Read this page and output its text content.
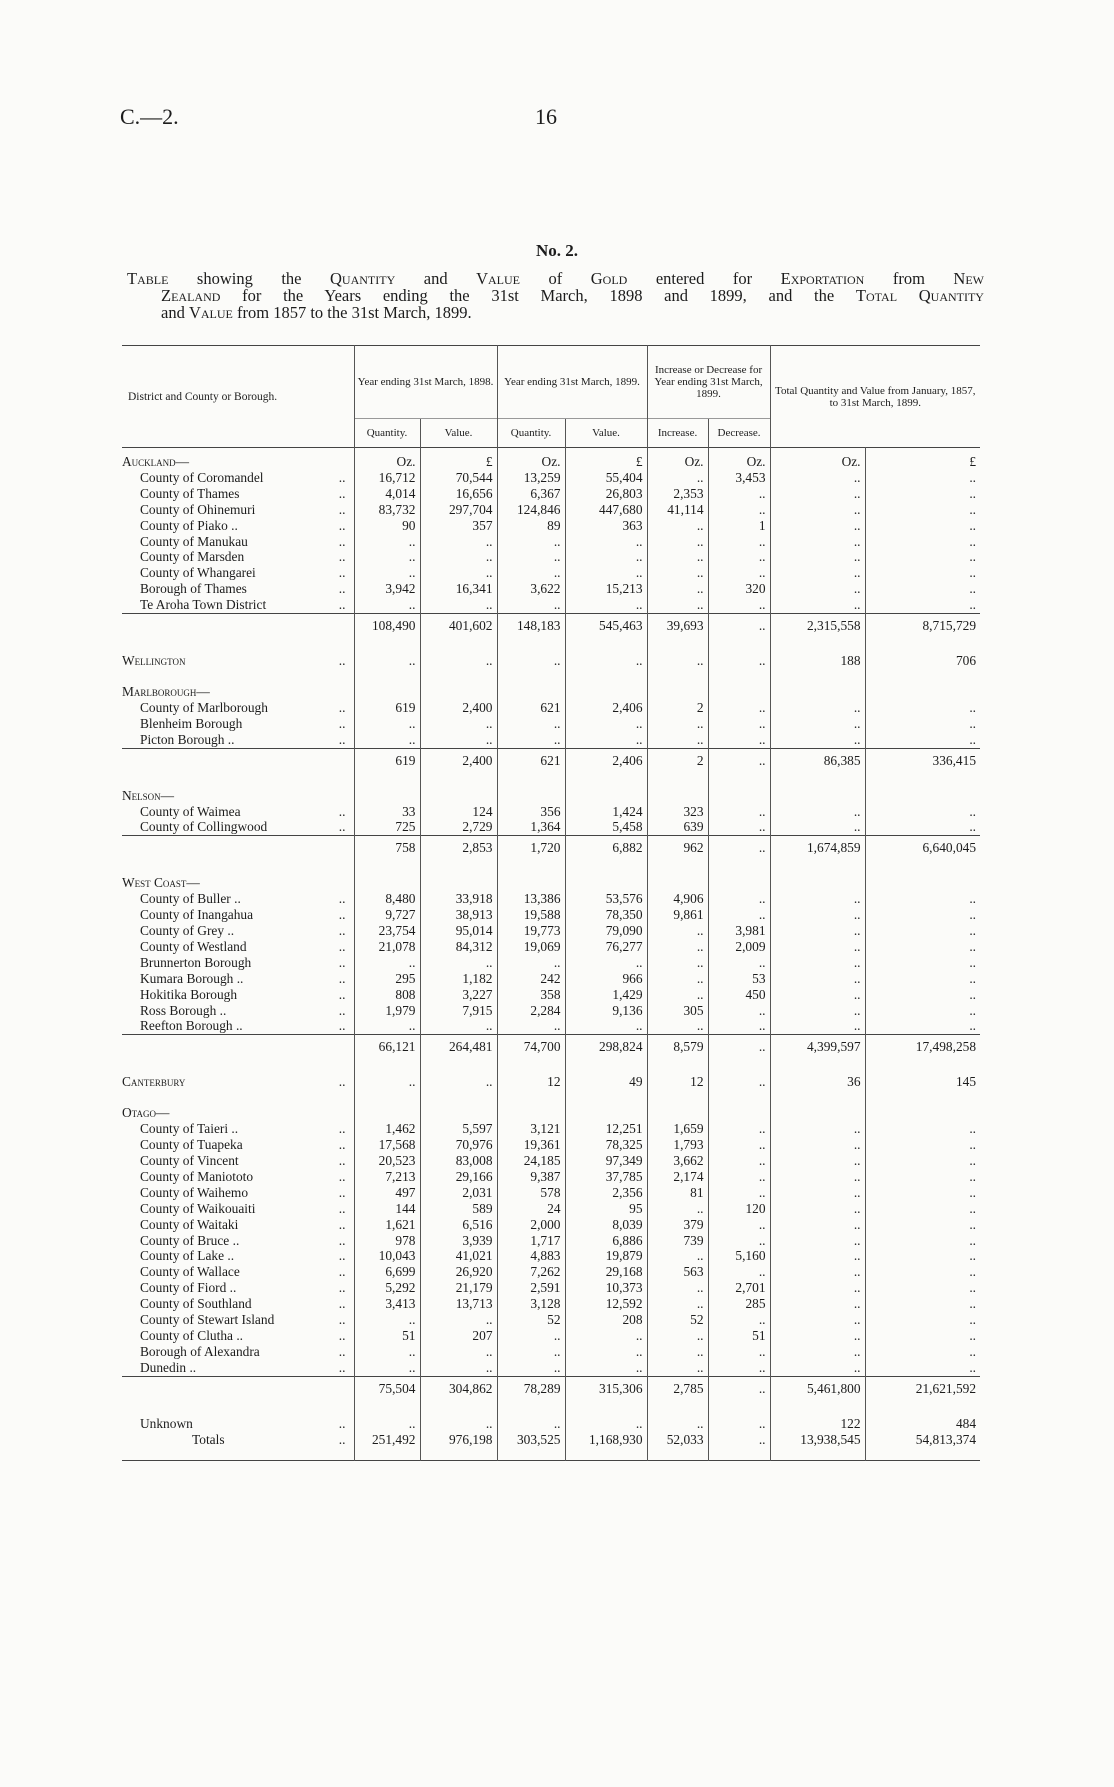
C.—2.	16
No. 2.
Table showing the Quantity and Value of Gold entered for Exportation from New
Zealand for the Years ending the 31st March, 1898 and 1899, and the Total Quantity
and Value from 1857 to the 31st March, 1899.
District and County or Borough.	Year ending 31st March, 1898.		Year ending 31st March, 1899.		Increase or Decrease for Year ending 31st March, 1899.		Total Quantity and Value from January, 1857, to 31st March, 1899.	
	Quantity.	Value.	Quantity.	Value.	Increase.	Decrease.		
Auckland—	Oz.	£	Oz.	£	Oz.	Oz.	Oz.	£
County of Coromandel ..	16,712	70,544	13,259	55,404	..	3,453	..	..
County of Thames ..	4,014	16,656	6,367	26,803	2,353	..	..	..
County of Ohinemuri ..	83,732	297,704	124,846	447,680	41,114	..	..	..
County of Piako .. ..	90	357	89	363	..	1	..	..
County of Manukau ..	..	..	..	..	..	..	..	..
County of Marsden ..	..	..	..	..	..	..	..	..
County of Whangarei ..	..	..	..	..	..	..	..	..
Borough of Thames ..	3,942	16,341	3,622	15,213	..	320	..	..
Te Aroha Town District ..	..	..	..	..	..	..	..	..
	108,490	401,602	148,183	545,463	39,693	..	2,315,558	8,715,729

Wellington ..	..	..	..	..	..	..	188	706

Marlborough—								
County of Marlborough ..	619	2,400	621	2,406	2	..	..	..
Blenheim Borough ..	..	..	..	..	..	..	..	..
Picton Borough .. ..	..	..	..	..	..	..	..	..
	619	2,400	621	2,406	2	..	86,385	336,415

Nelson—								
County of Waimea ..	33	124	356	1,424	323	..	..	..
County of Collingwood ..	725	2,729	1,364	5,458	639	..	..	..
	758	2,853	1,720	6,882	962	..	1,674,859	6,640,045

West Coast—								
County of Buller .. ..	8,480	33,918	13,386	53,576	4,906	..	..	..
County of Inangahua ..	9,727	38,913	19,588	78,350	9,861	..	..	..
County of Grey .. ..	23,754	95,014	19,773	79,090	..	3,981	..	..
County of Westland ..	21,078	84,312	19,069	76,277	..	2,009	..	..
Brunnerton Borough ..	..	..	..	..	..	..	..	..
Kumara Borough .. ..	295	1,182	242	966	..	53	..	..
Hokitika Borough ..	808	3,227	358	1,429	..	450	..	..
Ross Borough .. ..	1,979	7,915	2,284	9,136	305	..	..	..
Reefton Borough .. ..	..	..	..	..	..	..	..	..
	66,121	264,481	74,700	298,824	8,579	..	4,399,597	17,498,258

Canterbury ..	..	..	12	49	12	..	36	145

Otago—								
County of Taieri .. ..	1,462	5,597	3,121	12,251	1,659	..	..	..
County of Tuapeka ..	17,568	70,976	19,361	78,325	1,793	..	..	..
County of Vincent ..	20,523	83,008	24,185	97,349	3,662	..	..	..
County of Maniototo ..	7,213	29,166	9,387	37,785	2,174	..	..	..
County of Waihemo ..	497	2,031	578	2,356	81	..	..	..
County of Waikouaiti ..	144	589	24	95	..	120	..	..
County of Waitaki ..	1,621	6,516	2,000	8,039	379	..	..	..
County of Bruce .. ..	978	3,939	1,717	6,886	739	..	..	..
County of Lake .. ..	10,043	41,021	4,883	19,879	..	5,160	..	..
County of Wallace ..	6,699	26,920	7,262	29,168	563	..	..	..
County of Fiord .. ..	5,292	21,179	2,591	10,373	..	2,701	..	..
County of Southland ..	3,413	13,713	3,128	12,592	..	285	..	..
County of Stewart Island ..	..	..	52	208	52	..	..	..
County of Clutha .. ..	51	207	..	..	..	51	..	..
Borough of Alexandra ..	..	..	..	..	..	..	..	..
Dunedin .. ..	..	..	..	..	..	..	..	..
	75,504	304,862	78,289	315,306	2,785	..	5,461,800	21,621,592

Unknown ..	..	..	..	..	..	..	122	484
Totals ..	251,492	976,198	303,525	1,168,930	52,033	..	13,938,545	54,813,374
